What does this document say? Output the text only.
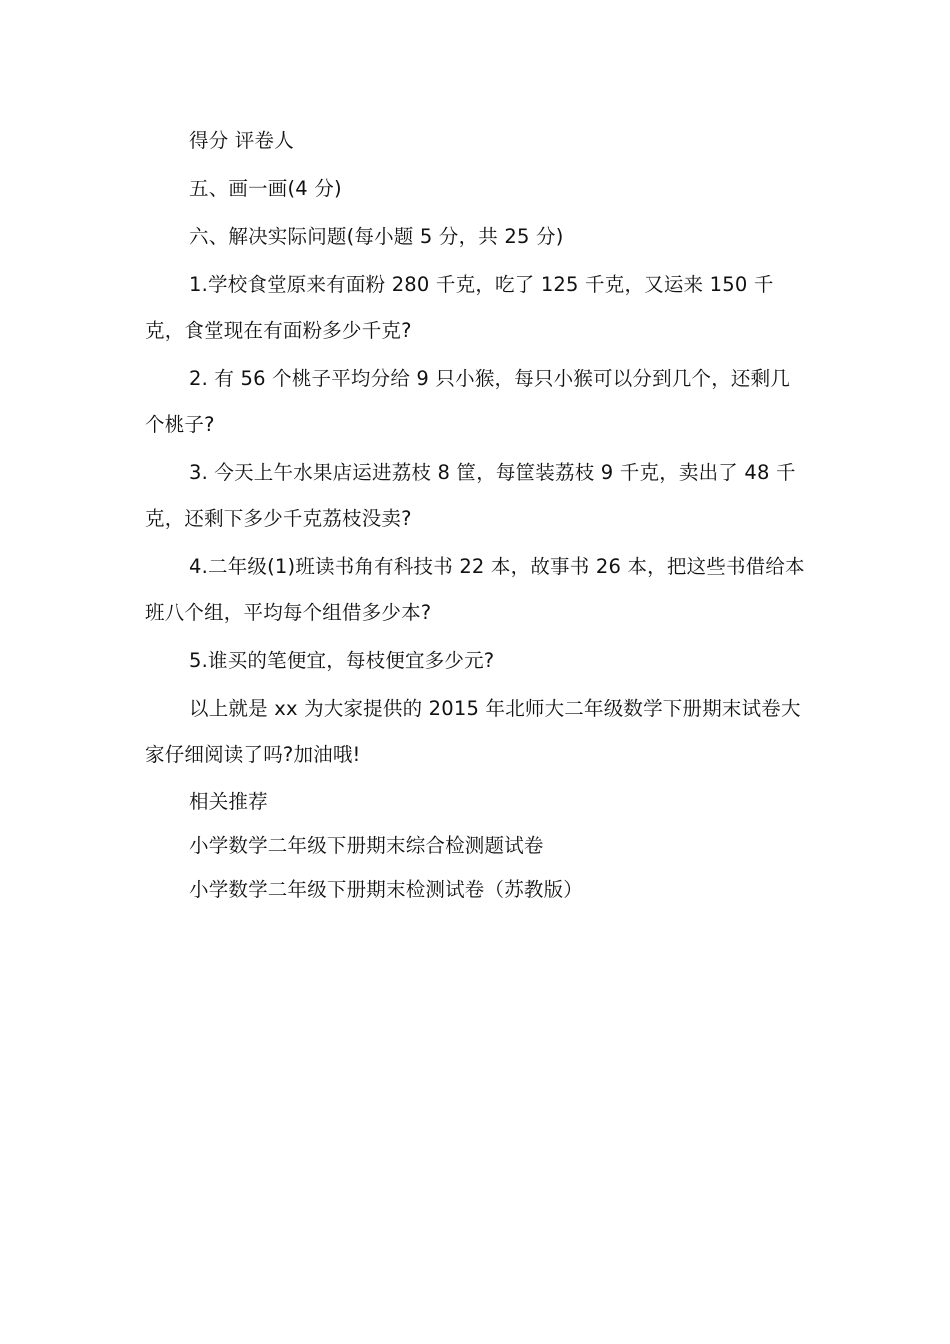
得分 评卷人

五、画一画(4 分)

六、解决实际问题(每小题 5 分，共 25 分)

1.学校食堂原来有面粉 280 千克，吃了 125 千克，又运来 150 千克，食堂现在有面粉多少千克?

2. 有 56 个桃子平均分给 9 只小猴，每只小猴可以分到几个，还剩几个桃子?

3. 今天上午水果店运进荔枝 8 筐，每筐装荔枝 9 千克，卖出了 48 千克，还剩下多少千克荔枝没卖?

4.二年级(1)班读书角有科技书 22 本，故事书 26 本，把这些书借给本班八个组，平均每个组借多少本?

5.谁买的笔便宜，每枝便宜多少元?

以上就是 xx 为大家提供的 2015 年北师大二年级数学下册期末试卷大家仔细阅读了吗?加油哦!

相关推荐

小学数学二年级下册期末综合检测题试卷

小学数学二年级下册期末检测试卷（苏教版）
